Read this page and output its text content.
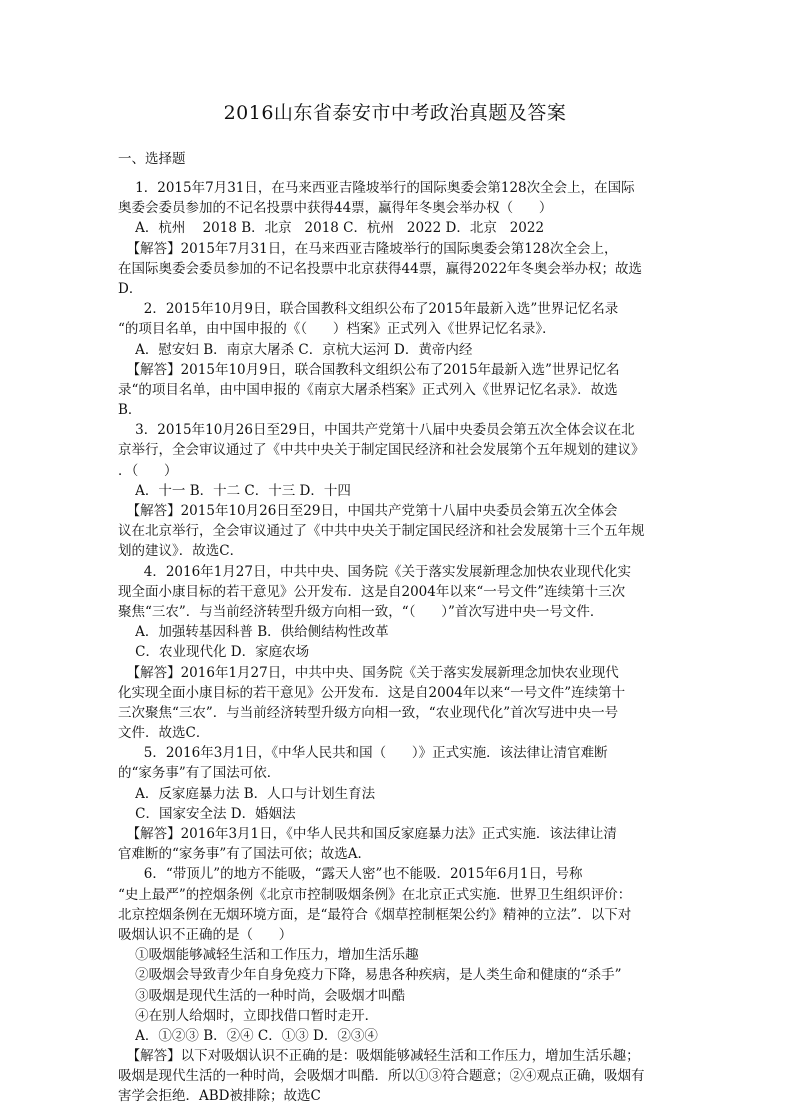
2016山东省泰安市中考政治真题及答案
一、选择题
1．2015年7月31日，在马来西亚吉隆坡举行的国际奥委会第128次全会上，在国际
奥委会委员参加的不记名投票中获得44票，赢得年冬奥会举办权（      ）
A．杭州    2018 B．北京   2018 C．杭州   2022 D．北京   2022
【解答】2015年7月31日，在马来西亚吉隆坡举行的国际奥委会第128次全会上，
在国际奥委会委员参加的不记名投票中北京获得44票，赢得2022年冬奥会举办权；故选
D．
2．2015年10月9日，联合国教科文组织公布了2015年最新入选”世界记忆名录
“的项目名单，由中国申报的《（      ）档案》正式列入《世界记忆名录》．
A．慰安妇 B．南京大屠杀 C．京杭大运河 D．黄帝内经
【解答】2015年10月9日，联合国教科文组织公布了2015年最新入选”世界记忆名
录“的项目名单，由中国申报的《南京大屠杀档案》正式列入《世界记忆名录》．故选
B．
3．2015年10月26日至29日，中国共产党第十八届中央委员会第五次全体会议在北
京举行，全会审议通过了《中共中央关于制定国民经济和社会发展第个五年规划的建议》
．（      ）
A．十一 B．十二 C．十三 D．十四
【解答】2015年10月26日至29日，中国共产党第十八届中央委员会第五次全体会
议在北京举行，全会审议通过了《中共中央关于制定国民经济和社会发展第十三个五年规
划的建议》．故选C．
4．2016年1月27日，中共中央、国务院《关于落实发展新理念加快农业现代化实
现全面小康目标的若干意见》公开发布．这是自2004年以来“一号文件”连续第十三次
聚焦“三农”．与当前经济转型升级方向相一致，“（      ）”首次写进中央一号文件．
A．加强转基因科普 B．供给侧结构性改革
C．农业现代化 D．家庭农场
【解答】2016年1月27日，中共中央、国务院《关于落实发展新理念加快农业现代
化实现全面小康目标的若干意见》公开发布．这是自2004年以来“一号文件”连续第十
三次聚焦“三农”．与当前经济转型升级方向相一致，“农业现代化”首次写进中央一号
文件．故选C．
5．2016年3月1日，《中华人民共和国（      ）》正式实施．该法律让清官难断
的“家务事”有了国法可依．
A．反家庭暴力法 B．人口与计划生育法
C．国家安全法 D．婚姻法
【解答】2016年3月1日，《中华人民共和国反家庭暴力法》正式实施．该法律让清
官难断的“家务事”有了国法可依；故选A．
6．“带顶儿”的地方不能吸，“露天人密”也不能吸．2015年6月1日，号称
“史上最严”的控烟条例《北京市控制吸烟条例》在北京正式实施．世界卫生组织评价：
北京控烟条例在无烟环境方面，是“最符合《烟草控制框架公约》精神的立法”．以下对
吸烟认识不正确的是（      ）
①吸烟能够减轻生活和工作压力，增加生活乐趣
②吸烟会导致青少年自身免疫力下降，易患各种疾病，是人类生命和健康的“杀手”
③吸烟是现代生活的一种时尚，会吸烟才叫酷
④在别人给烟时，立即找借口暂时走开．
A．①②③ B．②④ C．①③ D．②③④
【解答】以下对吸烟认识不正确的是：吸烟能够减轻生活和工作压力，增加生活乐趣；
吸烟是现代生活的一种时尚，会吸烟才叫酷．所以①③符合题意；②④观点正确，吸烟有
害学会拒绝．ABD被排除；故选C
